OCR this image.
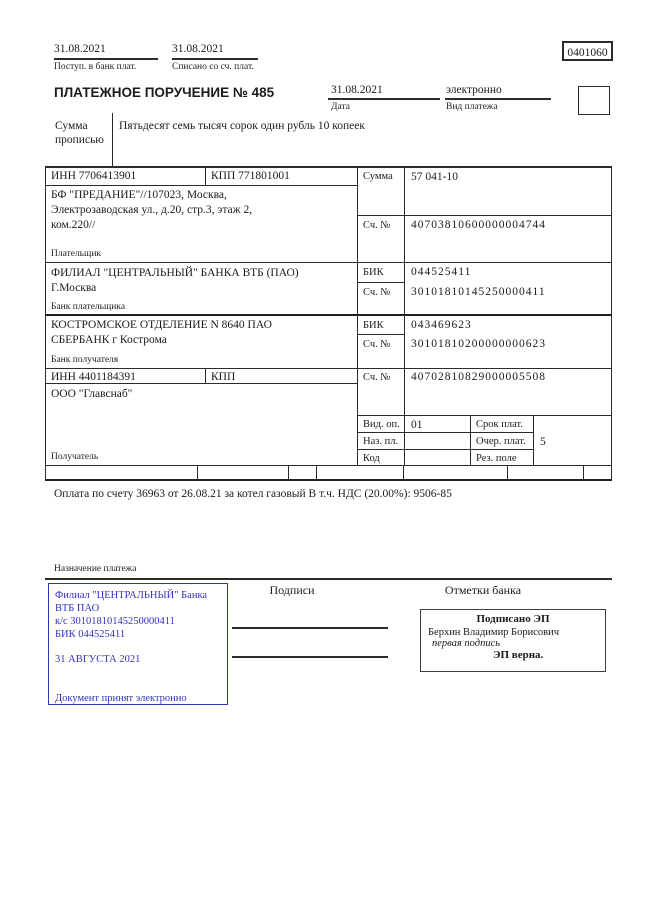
31.08.2021
Поступ. в банк плат.
31.08.2021
Списано со сч. плат.
0401060
ПЛАТЕЖНОЕ ПОРУЧЕНИЕ № 485	31.08.2021
Дата
электронно
Вид платежа
Сумма
прописью
Пятьдесят семь тысяч сорок один рубль 10 копеек
ИНН 7706413901	КПП 771801001
БФ "ПРЕДАНИЕ"//107023, Москва, Электрозаводская ул., д.20, стр.3, этаж 2, ком.220//
Плательщик
ФИЛИАЛ "ЦЕНТРАЛЬНЫЙ" БАНКА ВТБ (ПАО)
Г.Москва
Банк плательщика
КОСТРОМСКОЕ ОТДЕЛЕНИЕ N 8640 ПАО
СБЕРБАНК г Кострома
Банк получателя
ИНН 4401184391	КПП
ООО "Главснаб"
Получатель
Сумма 57 041-10
Сч. № 40703810600000004744
БИК 044525411
Сч. № 30101810145250000411
БИК 043469623
Сч. № 30101810200000000623
Сч. № 40702810829000005508
Вид. оп. 01	Срок плат.
Наз. пл.	Очер. плат. 5
Код	Рез. поле
Оплата по счету 36963 от 26.08.21 за котел газовый В т.ч. НДС (20.00%): 9506-85
Назначение платежа
Подписи	Отметки банка
Филиал "ЦЕНТРАЛЬНЫЙ" Банка
ВТБ ПАО
к/с 30101810145250000411
БИК 044525411
31 АВГУСТА 2021
Документ принят электронно
Подписано ЭП
Берхин Владимир Борисович
первая подпись
ЭП верна.
